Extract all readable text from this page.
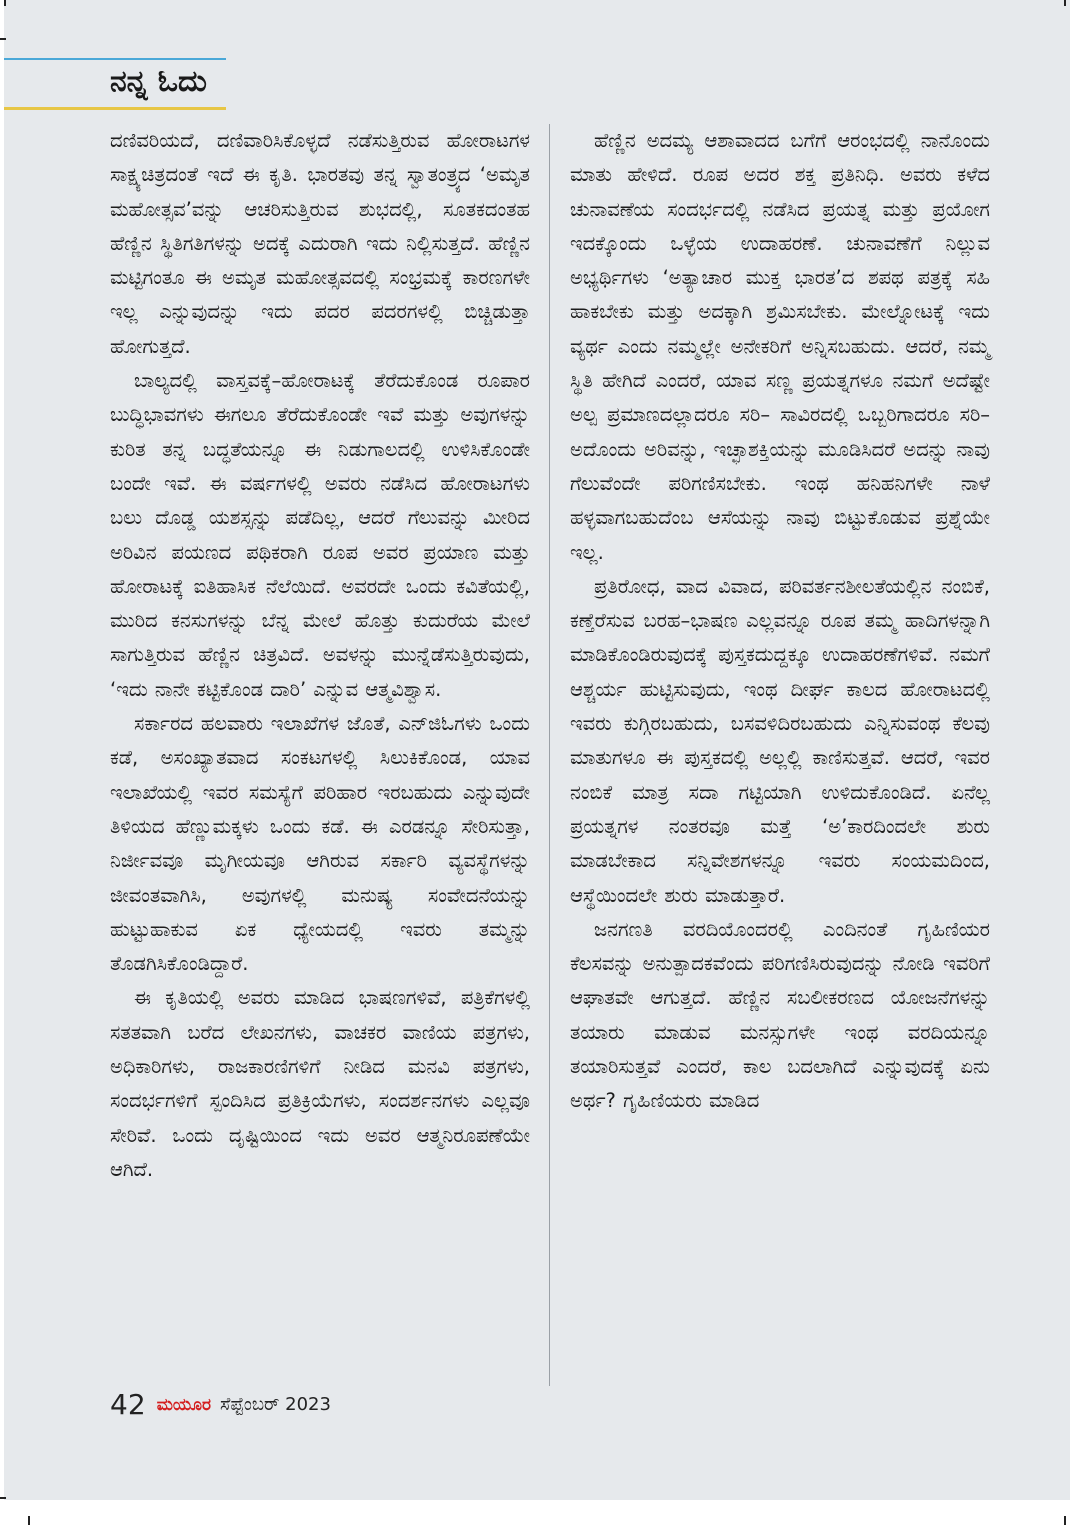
ನನ್ನ ಓದು

ದಣಿವರಿಯದೆ, ದಣಿವಾರಿಸಿಕೊಳ್ಳದೆ ನಡೆಸುತ್ತಿರುವ ಹೋರಾಟಗಳ ಸಾಕ್ಷ್ಯಚಿತ್ರದಂತೆ ಇದೆ ಈ ಕೃತಿ. ಭಾರತವು ತನ್ನ ಸ್ವಾತಂತ್ರ್ಯದ ‘ಅಮೃತ ಮಹೋತ್ಸವ’ವನ್ನು ಆಚರಿಸುತ್ತಿರುವ ಶುಭದಲ್ಲಿ, ಸೂತಕದಂತಹ ಹೆಣ್ಣಿನ ಸ್ಥಿತಿಗತಿಗಳನ್ನು ಅದಕ್ಕೆ ಎದುರಾಗಿ ಇದು ನಿಲ್ಲಿಸುತ್ತದೆ. ಹೆಣ್ಣಿನ ಮಟ್ಟಿಗಂತೂ ಈ ಅಮೃತ ಮಹೋತ್ಸವದಲ್ಲಿ ಸಂಭ್ರಮಕ್ಕೆ ಕಾರಣಗಳೇ ಇಲ್ಲ ಎನ್ನುವುದನ್ನು ಇದು ಪದರ ಪದರಗಳಲ್ಲಿ ಬಿಚ್ಚಿಡುತ್ತಾ ಹೋಗುತ್ತದೆ.

ಬಾಲ್ಯದಲ್ಲಿ ವಾಸ್ತವಕ್ಕೆ–ಹೋರಾಟಕ್ಕೆ ತೆರೆದುಕೊಂಡ ರೂಪಾರ ಬುದ್ಧಿಭಾವಗಳು ಈಗಲೂ ತೆರೆದುಕೊಂಡೇ ಇವೆ ಮತ್ತು ಅವುಗಳನ್ನು ಕುರಿತ ತನ್ನ ಬದ್ಧತೆಯನ್ನೂ ಈ ನಿಡುಗಾಲದಲ್ಲಿ ಉಳಿಸಿಕೊಂಡೇ ಬಂದೇ ಇವೆ. ಈ ವರ್ಷಗಳಲ್ಲಿ ಅವರು ನಡೆಸಿದ ಹೋರಾಟಗಳು ಬಲು ದೊಡ್ಡ ಯಶಸ್ಸನ್ನು ಪಡೆದಿಲ್ಲ, ಆದರೆ ಗೆಲುವನ್ನು ಮೀರಿದ ಅರಿವಿನ ಪಯಣದ ಪಥಿಕರಾಗಿ ರೂಪ ಅವರ ಪ್ರಯಾಣ ಮತ್ತು ಹೋರಾಟಕ್ಕೆ ಐತಿಹಾಸಿಕ ನೆಲೆಯಿದೆ. ಅವರದೇ ಒಂದು ಕವಿತೆಯಲ್ಲಿ, ಮುರಿದ ಕನಸುಗಳನ್ನು ಬೆನ್ನ ಮೇಲೆ ಹೊತ್ತು ಕುದುರೆಯ ಮೇಲೆ ಸಾಗುತ್ತಿರುವ ಹೆಣ್ಣಿನ ಚಿತ್ರವಿದೆ. ಅವಳನ್ನು ಮುನ್ನೆಡೆಸುತ್ತಿರುವುದು, ‘ಇದು ನಾನೇ ಕಟ್ಟಿಕೊಂಡ ದಾರಿ’ ಎನ್ನುವ ಆತ್ಮವಿಶ್ವಾಸ.

ಸರ್ಕಾರದ ಹಲವಾರು ಇಲಾಖೆಗಳ ಜೊತೆ, ಎನ್‌ಜಿಓಗಳು ಒಂದು ಕಡೆ, ಅಸಂಖ್ಯಾತವಾದ ಸಂಕಟಗಳಲ್ಲಿ ಸಿಲುಕಿಕೊಂಡ, ಯಾವ ಇಲಾಖೆಯಲ್ಲಿ ಇವರ ಸಮಸ್ಯೆಗೆ ಪರಿಹಾರ ಇರಬಹುದು ಎನ್ನುವುದೇ ತಿಳಿಯದ ಹೆಣ್ಣುಮಕ್ಕಳು ಒಂದು ಕಡೆ. ಈ ಎರಡನ್ನೂ ಸೇರಿಸುತ್ತಾ, ನಿರ್ಜೀವವೂ ಮೃಗೀಯವೂ ಆಗಿರುವ ಸರ್ಕಾರಿ ವ್ಯವಸ್ಥೆಗಳನ್ನು ಜೀವಂತವಾಗಿಸಿ, ಅವುಗಳಲ್ಲಿ ಮನುಷ್ಯ ಸಂವೇದನೆಯನ್ನು ಹುಟ್ಟುಹಾಕುವ ಏಕ ಧ್ಯೇಯದಲ್ಲಿ ಇವರು ತಮ್ಮನ್ನು ತೊಡಗಿಸಿಕೊಂಡಿದ್ದಾರೆ.

ಈ ಕೃತಿಯಲ್ಲಿ ಅವರು ಮಾಡಿದ ಭಾಷಣಗಳಿವೆ, ಪತ್ರಿಕೆಗಳಲ್ಲಿ ಸತತವಾಗಿ ಬರೆದ ಲೇಖನಗಳು, ವಾಚಕರ ವಾಣಿಯ ಪತ್ರಗಳು, ಅಧಿಕಾರಿಗಳು, ರಾಜಕಾರಣಿಗಳಿಗೆ ನೀಡಿದ ಮನವಿ ಪತ್ರಗಳು, ಸಂದರ್ಭಗಳಿಗೆ ಸ್ಪಂದಿಸಿದ ಪ್ರತಿಕ್ರಿಯೆಗಳು, ಸಂದರ್ಶನಗಳು ಎಲ್ಲವೂ ಸೇರಿವೆ. ಒಂದು ದೃಷ್ಟಿಯಿಂದ ಇದು ಅವರ ಆತ್ಮನಿರೂಪಣೆಯೇ ಆಗಿದೆ.

ಹೆಣ್ಣಿನ ಅದಮ್ಯ ಆಶಾವಾದದ ಬಗೆಗೆ ಆರಂಭದಲ್ಲಿ ನಾನೊಂದು ಮಾತು ಹೇಳಿದೆ. ರೂಪ ಅದರ ಶಕ್ತ ಪ್ರತಿನಿಧಿ. ಅವರು ಕಳೆದ ಚುನಾವಣೆಯ ಸಂದರ್ಭದಲ್ಲಿ ನಡೆಸಿದ ಪ್ರಯತ್ನ ಮತ್ತು ಪ್ರಯೋಗ ಇದಕ್ಕೊಂದು ಒಳ್ಳೆಯ ಉದಾಹರಣೆ. ಚುನಾವಣೆಗೆ ನಿಲ್ಲುವ ಅಭ್ಯರ್ಥಿಗಳು ‘ಅತ್ಯಾಚಾರ ಮುಕ್ತ ಭಾರತ’ದ ಶಪಥ ಪತ್ರಕ್ಕೆ ಸಹಿ ಹಾಕಬೇಕು ಮತ್ತು ಅದಕ್ಕಾಗಿ ಶ್ರಮಿಸಬೇಕು. ಮೇಲ್ನೋಟಕ್ಕೆ ಇದು ವ್ಯರ್ಥ ಎಂದು ನಮ್ಮಲ್ಲೇ ಅನೇಕರಿಗೆ ಅನ್ನಿಸಬಹುದು. ಆದರೆ, ನಮ್ಮ ಸ್ಥಿತಿ ಹೇಗಿದೆ ಎಂದರೆ, ಯಾವ ಸಣ್ಣ ಪ್ರಯತ್ನಗಳೂ ನಮಗೆ ಅದೆಷ್ಟೇ ಅಲ್ಪ ಪ್ರಮಾಣದಲ್ಲಾದರೂ ಸರಿ– ಸಾವಿರದಲ್ಲಿ ಒಬ್ಬರಿಗಾದರೂ ಸರಿ– ಅದೊಂದು ಅರಿವನ್ನು, ಇಚ್ಛಾಶಕ್ತಿಯನ್ನು ಮೂಡಿಸಿದರೆ ಅದನ್ನು ನಾವು ಗೆಲುವೆಂದೇ ಪರಿಗಣಿಸಬೇಕು. ಇಂಥ ಹನಿಹನಿಗಳೇ ನಾಳೆ ಹಳ್ಳವಾಗಬಹುದೆಂಬ ಆಸೆಯನ್ನು ನಾವು ಬಿಟ್ಟುಕೊಡುವ ಪ್ರಶ್ನೆಯೇ ಇಲ್ಲ.

ಪ್ರತಿರೋಧ, ವಾದ ವಿವಾದ, ಪರಿವರ್ತನಶೀಲತೆಯಲ್ಲಿನ ನಂಬಿಕೆ, ಕಣ್ತೆರೆಸುವ ಬರಹ–ಭಾಷಣ ಎಲ್ಲವನ್ನೂ ರೂಪ ತಮ್ಮ ಹಾದಿಗಳನ್ನಾಗಿ ಮಾಡಿಕೊಂಡಿರುವುದಕ್ಕೆ ಪುಸ್ತಕದುದ್ದಕ್ಕೂ ಉದಾಹರಣೆಗಳಿವೆ. ನಮಗೆ ಆಶ್ಚರ್ಯ ಹುಟ್ಟಿಸುವುದು, ಇಂಥ ದೀರ್ಘ ಕಾಲದ ಹೋರಾಟದಲ್ಲಿ ಇವರು ಕುಗ್ಗಿರಬಹುದು, ಬಸವಳಿದಿರಬಹುದು ಎನ್ನಿಸುವಂಥ ಕೆಲವು ಮಾತುಗಳೂ ಈ ಪುಸ್ತಕದಲ್ಲಿ ಅಲ್ಲಲ್ಲಿ ಕಾಣಿಸುತ್ತವೆ. ಆದರೆ, ಇವರ ನಂಬಿಕೆ ಮಾತ್ರ ಸದಾ ಗಟ್ಟಿಯಾಗಿ ಉಳಿದುಕೊಂಡಿದೆ. ಏನೆಲ್ಲ ಪ್ರಯತ್ನಗಳ ನಂತರವೂ ಮತ್ತೆ ‘ಅ’ಕಾರದಿಂದಲೇ ಶುರು ಮಾಡಬೇಕಾದ ಸನ್ನಿವೇಶಗಳನ್ನೂ ಇವರು ಸಂಯಮದಿಂದ, ಆಸ್ಥೆಯಿಂದಲೇ ಶುರು ಮಾಡುತ್ತಾರೆ.

ಜನಗಣತಿ ವರದಿಯೊಂದರಲ್ಲಿ ಎಂದಿನಂತೆ ಗೃಹಿಣಿಯರ ಕೆಲಸವನ್ನು ಅನುತ್ಪಾದಕವೆಂದು ಪರಿಗಣಿಸಿರುವುದನ್ನು ನೋಡಿ ಇವರಿಗೆ ಆಘಾತವೇ ಆಗುತ್ತದೆ. ಹೆಣ್ಣಿನ ಸಬಲೀಕರಣದ ಯೋಜನೆಗಳನ್ನು ತಯಾರು ಮಾಡುವ ಮನಸ್ಸುಗಳೇ ಇಂಥ ವರದಿಯನ್ನೂ ತಯಾರಿಸುತ್ತವೆ ಎಂದರೆ, ಕಾಲ ಬದಲಾಗಿದೆ ಎನ್ನುವುದಕ್ಕೆ ಏನು ಅರ್ಥ? ಗೃಹಿಣಿಯರು ಮಾಡಿದ

42 ಮಯೂರ ಸೆಪ್ಟೆಂಬರ್ 2023
